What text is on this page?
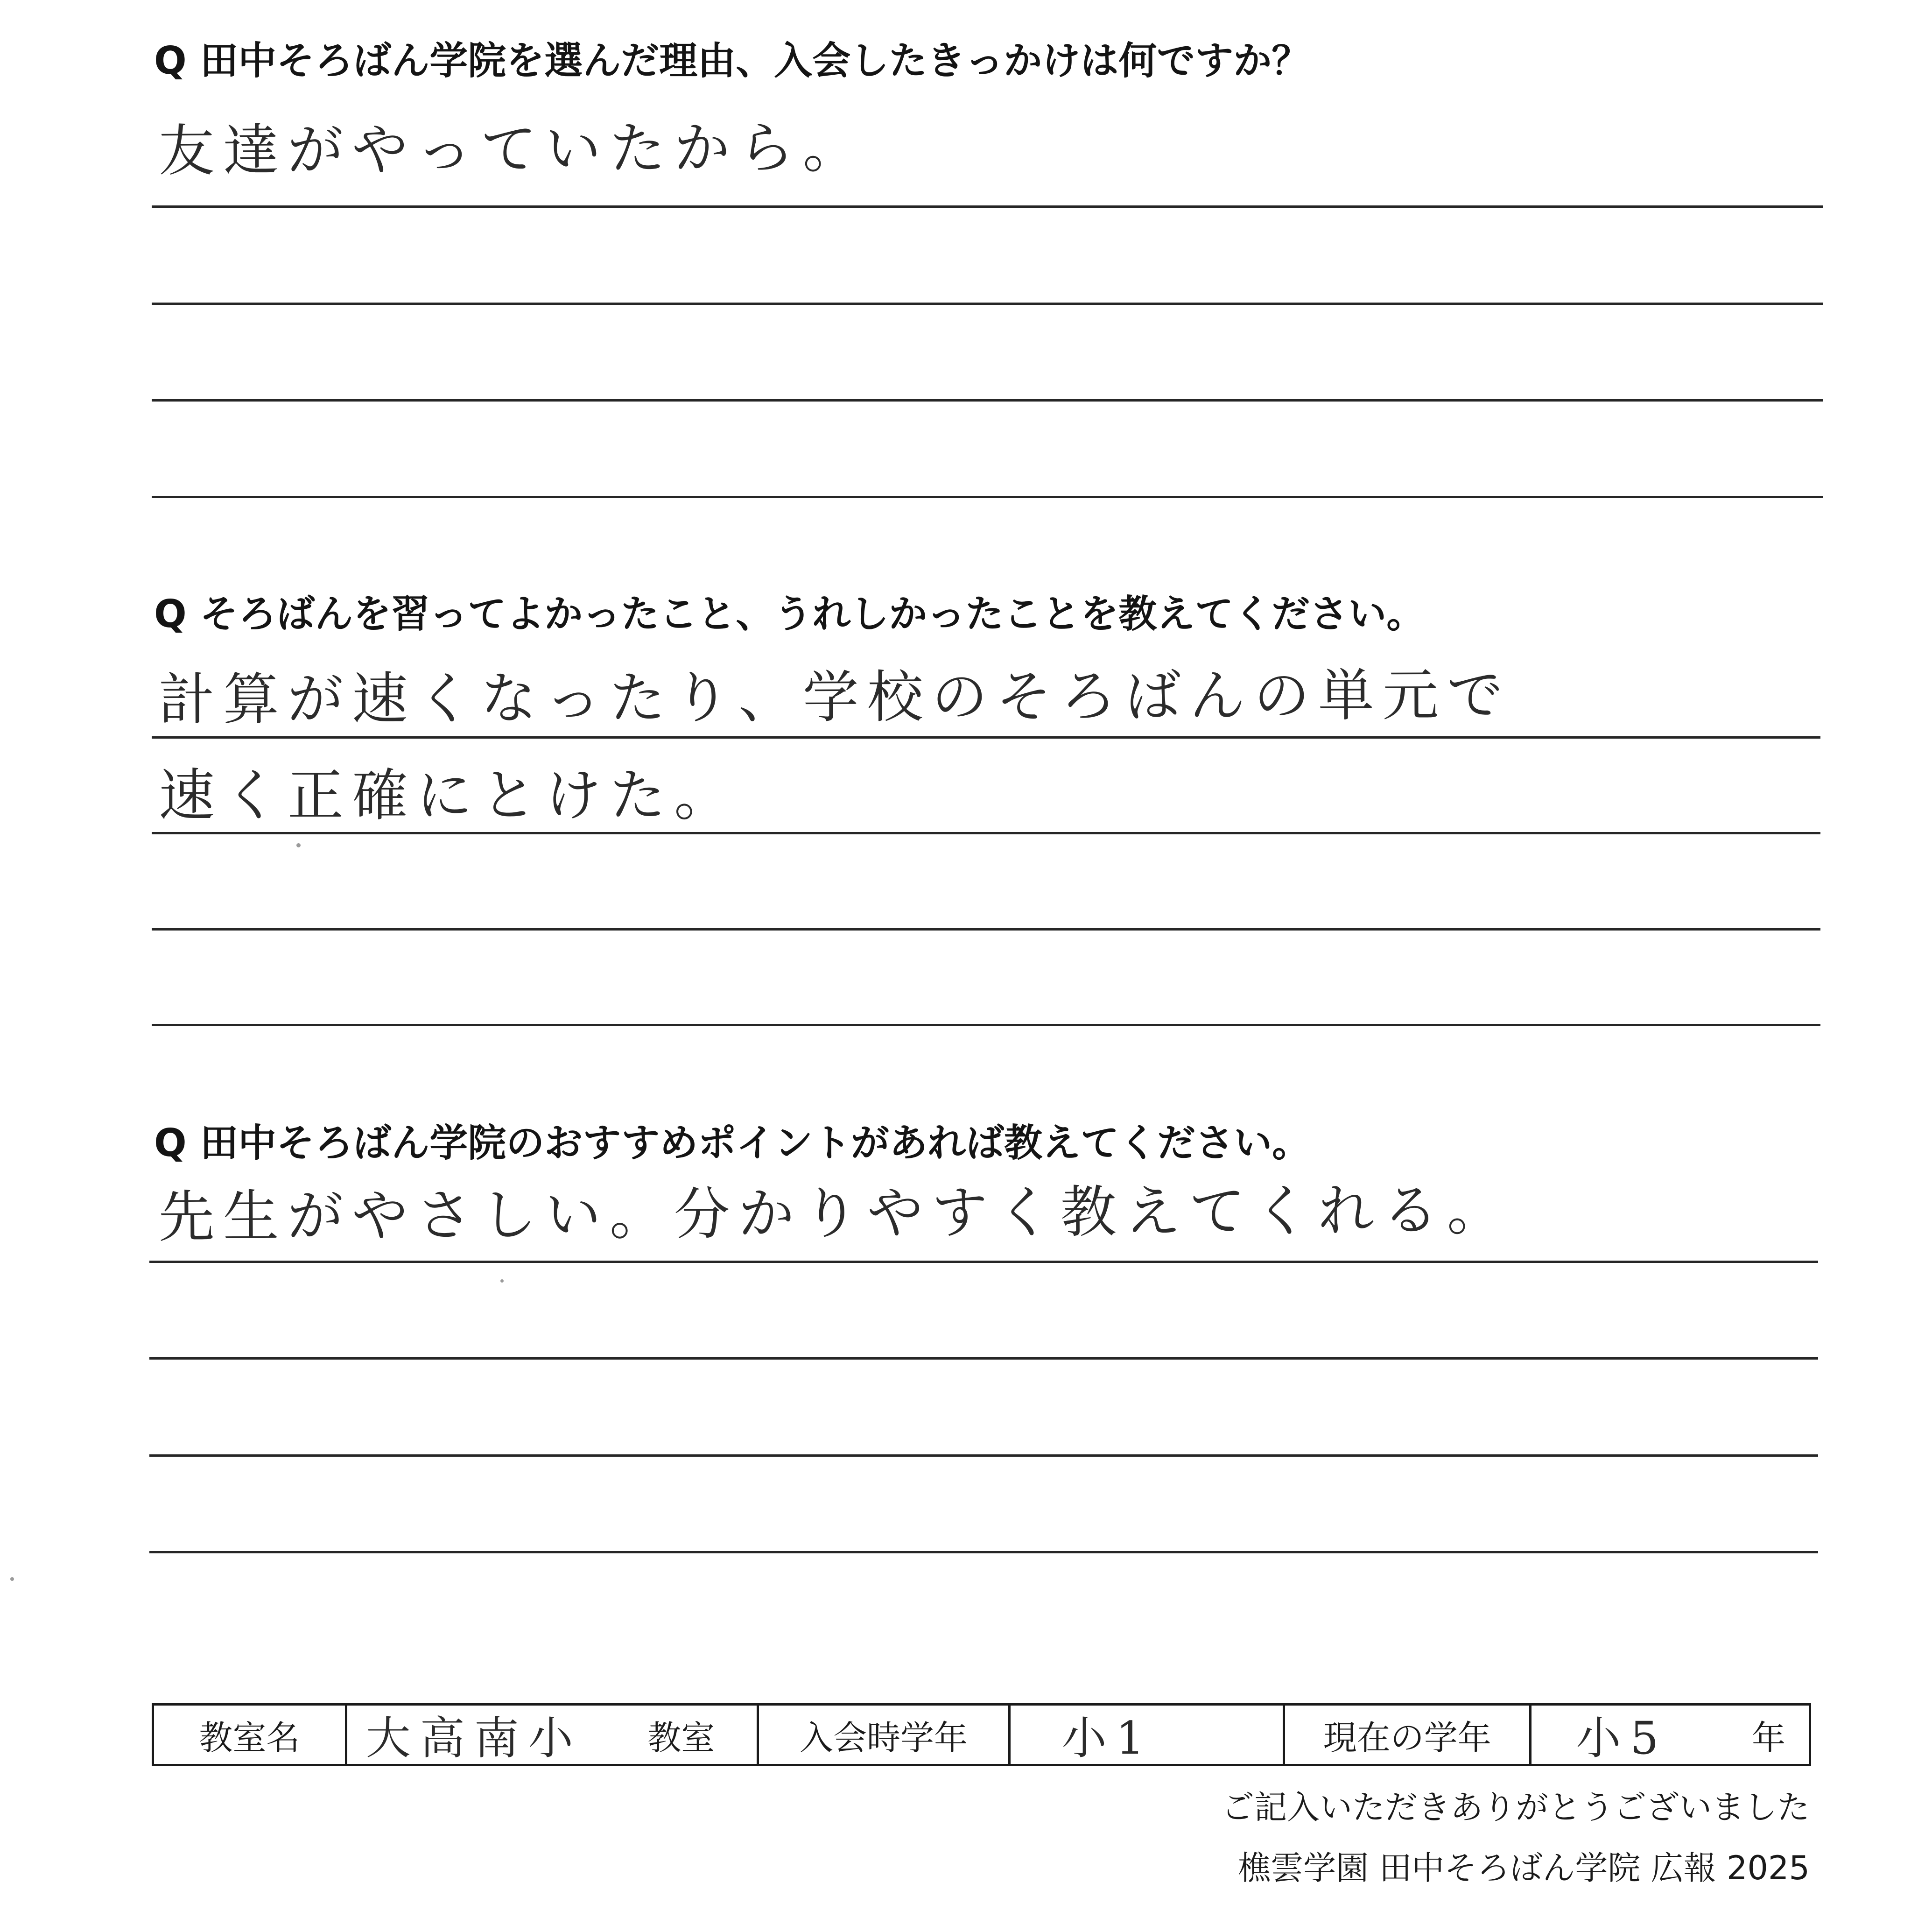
Q 田中そろばん学院を選んだ理由、入会したきっかけは何ですか？

友達がやっていたから。

Q そろばんを習ってよかったこと、うれしかったことを教えてください。

計算が速くなったり、学校のそろばんの単元で

速く正確にとけた。

Q 田中そろばん学院のおすすめポイントがあれば教えてください。

先生がやさしい。分かりやすく教えてくれる。

教室名	大高南小 教室	入会時学年	小1	現在の学年	小5 年

ご記入いただきありがとうございました

樵雲学園 田中そろばん学院 広報 2025
